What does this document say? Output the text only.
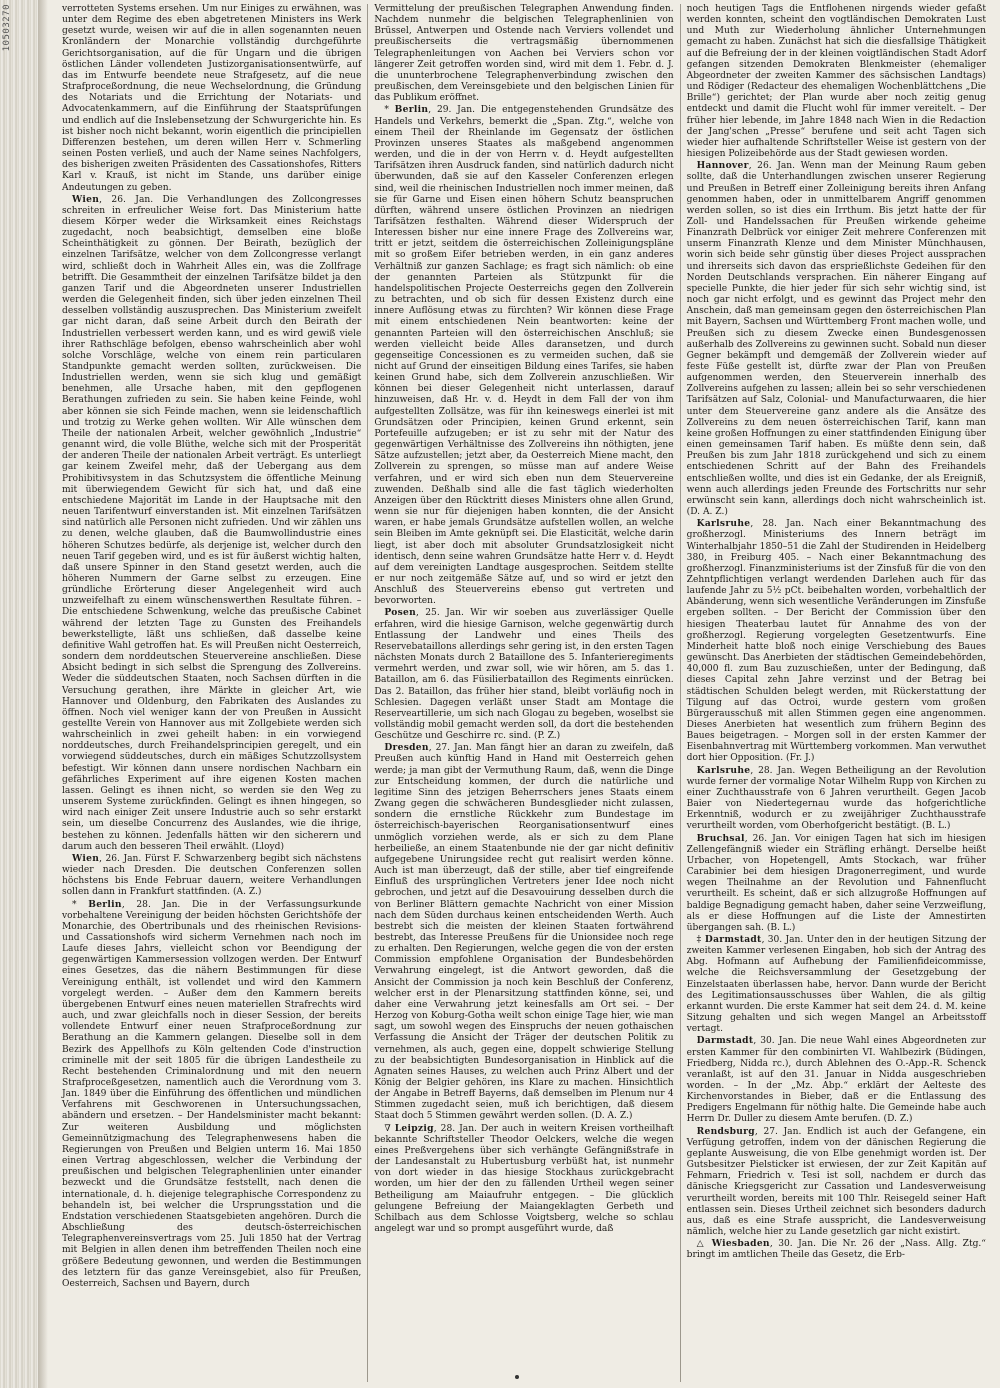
10503270	verrotteten Systems ersehen. Um nur Einiges zu erwähnen, was unter dem Regime des eben abgetretenen Ministers ins Werk gesetzt wurde, weisen wir auf die in allen sogenannten neuen Kronländern der Monarchie vollständig durchgeführte Gerichtsorganisation, auf die für Ungarn und die übrigen östlichen Länder vollendeten Justizorganisationsentwürfe, auf das im Entwurfe beendete neue Strafgesetz, auf die neue Strafproceßordnung, die neue Wechselordnung, die Gründung des Notariats und die Errichtung der Notariats- und Advocatenkammern, auf die Einführung der Staatsprüfungen und endlich auf die Inslebensetzung der Schwurgerichte hin. Es ist bisher noch nicht bekannt, worin eigentlich die principiellen Differenzen bestehen, um deren willen Herr v. Schmerling seinen Posten verließ, und auch der Name seines Nachfolgers, des bisherigen zweiten Präsidenten des Cassationshofes, Ritters Karl v. Krauß, ist nicht im Stande, uns darüber einige Andeutungen zu geben.

Wien, 26. Jan. Die Verhandlungen des Zollcongresses schreiten in erfreulicher Weise fort. Das Ministerium hatte diesem Körper weder die Wirksamkeit eines Reichstags zugedacht, noch beabsichtigt, demselben eine bloße Scheinthätigkeit zu gönnen. Der Beirath, bezüglich der einzelnen Tarifsätze, welcher von dem Zollcongresse verlangt wird, schließt doch in Wahrheit Alles ein, was die Zollfrage betrifft. Die Gesammtheit der einzelnen Tarifsätze bildet ja den ganzen Tarif und die Abgeordneten unserer Industriellen werden die Gelegenheit finden, sich über jeden einzelnen Theil desselben vollständig auszusprechen. Das Ministerium zweifelt gar nicht daran, daß seine Arbeit durch den Beirath der Industriellen verbessert werden kann, und es wird gewiß viele ihrer Rathschläge befolgen, ebenso wahrscheinlich aber wohl solche Vorschläge, welche von einem rein particularen Standpunkte gemacht werden sollten, zurückweisen. Die Industriellen werden, wenn sie sich klug und gemäßigt benehmen, alle Ursache haben, mit den gepflogenen Berathungen zufrieden zu sein. Sie haben keine Feinde, wohl aber können sie sich Feinde machen, wenn sie leidenschaftlich und trotzig zu Werke gehen wollten. Wir Alle wünschen dem Theile der nationalen Arbeit, welcher gewöhnlich „Industrie“ genannt wird, die volle Blüthe, welche sich mit der Prosperität der anderen Theile der nationalen Arbeit verträgt. Es unterliegt gar keinem Zweifel mehr, daß der Uebergang aus dem Prohibitivsystem in das Schutzsystem die öffentliche Meinung mit überwiegendem Gewicht für sich hat, und daß eine entschiedene Majorität im Lande in der Hauptsache mit den neuen Tarifentwurf einverstanden ist. Mit einzelnen Tarifsätzen sind natürlich alle Personen nicht zufrieden. Und wir zählen uns zu denen, welche glauben, daß die Baumwollindustrie eines höheren Schutzes bedürfe, als derjenige ist, welcher durch den neuen Tarif gegeben wird, und es ist für äußerst wichtig halten, daß unsere Spinner in den Stand gesetzt werden, auch die höheren Nummern der Garne selbst zu erzeugen. Eine gründliche Erörterung dieser Angelegenheit wird auch unzweifelhaft zu einem wünschenswerthen Resultate führen. – Die entschiedene Schwenkung, welche das preußische Cabinet während der letzten Tage zu Gunsten des Freihandels bewerkstelligte, läßt uns schließen, daß dasselbe keine definitive Wahl getroffen hat. Es will Preußen nicht Oesterreich, sondern dem norddeutschen Steuervereine anschließen. Diese Absicht bedingt in sich selbst die Sprengung des Zollvereins. Weder die süddeutschen Staaten, noch Sachsen dürften in die Versuchung gerathen, ihre Märkte in gleicher Art, wie Hannover und Oldenburg, den Fabrikaten des Auslandes zu öffnen. Noch viel weniger kann der von Preußen in Aussicht gestellte Verein von Hannover aus mit Zollgebiete werden sich wahrscheinlich in zwei geheilt haben: in ein vorwiegend norddeutsches, durch Freihandelsprincipien geregelt, und ein vorwiegend süddeutsches, durch ein mäßiges Schutzzollsystem befestigt. Wir können dann unsere nordischen Nachbarn ein gefährliches Experiment auf ihre eigenen Kosten machen lassen. Gelingt es ihnen nicht, so werden sie den Weg zu unserem Systeme zurückfinden. Gelingt es ihnen hingegen, so wird nach einiger Zeit unsere Industrie auch so sehr erstarkt sein, um dieselbe Concurrenz des Auslandes, wie die ihrige, bestehen zu können. Jedenfalls hätten wir den sicherern und darum auch den besseren Theil erwählt. (Lloyd)

Wien, 26. Jan. Fürst F. Schwarzenberg begibt sich nächstens wieder nach Dresden. Die deutschen Conferenzen sollen höchstens bis Ende Februar dauern, weitere Verhandlungen sollen dann in Frankfurt stattfinden. (A. Z.)

* Berlin, 28. Jan. Die in der Verfassungsurkunde vorbehaltene Vereinigung der beiden höchsten Gerichtshöfe der Monarchie, des Obertribunals und des rheinischen Revisions- und Cassationshofs wird sicherm Vernehmen nach noch im Laufe dieses Jahrs, vielleicht schon vor Beendigung der gegenwärtigen Kammersession vollzogen werden. Der Entwurf eines Gesetzes, das die nähern Bestimmungen für diese Vereinigung enthält, ist vollendet und wird den Kammern vorgelegt werden. – Außer dem den Kammern bereits übergebenen Entwurf eines neuen materiellen Strafrechts wird auch, und zwar gleichfalls noch in dieser Session, der bereits vollendete Entwurf einer neuen Strafproceßordnung zur Berathung an die Kammern gelangen. Dieselbe soll in dem Bezirk des Appellhofs zu Köln geltenden Code d'instruction criminelle mit der seit 1805 für die übrigen Landestheile zu Recht bestehenden Criminalordnung und mit den neuern Strafproceßgesetzen, namentlich auch die Verordnung vom 3. Jan. 1849 über die Einführung des öffentlichen und mündlichen Verfahrens mit Geschworenen in Untersuchungssachen, abändern und ersetzen. – Der Handelsminister macht bekannt: Zur weiteren Ausbildung und möglichsten Gemeinnützigmachung des Telegraphenwesens haben die Regierungen von Preußen und Belgien unterm 16. Mai 1850 einen Vertrag abgeschlossen, welcher die Verbindung der preußischen und belgischen Telegraphenlinien unter einander bezweckt und die Grundsätze feststellt, nach denen die internationale, d. h. diejenige telegraphische Correspondenz zu behandeln ist, bei welcher die Ursprungsstation und die Endstation verschiedenen Staatsgebieten angehören. Durch die Abschließung des deutsch-österreichischen Telegraphenvereinsvertrags vom 25. Juli 1850 hat der Vertrag mit Belgien in allen denen ihm betreffenden Theilen noch eine größere Bedeutung gewonnen, und werden die Bestimmungen des letztern für das ganze Vereinsgebiet, also für Preußen, Oesterreich, Sachsen und Bayern, durch

Vermittelung der preußischen Telegraphen Anwendung finden. Nachdem nunmehr die belgischen Telegraphenlinien von Brüssel, Antwerpen und Ostende nach Verviers vollendet und preußischerseits die vertragsmäßig übernommenen Telegraphenleitungen von Aachen bei Verviers schon vor längerer Zeit getroffen worden sind, wird mit dem 1. Febr. d. J. die ununterbrochene Telegraphenverbindung zwischen den preußischen, dem Vereinsgebiete und den belgischen Linien für das Publikum eröffnet.

* Berlin, 29. Jan. Die entgegenstehenden Grundsätze des Handels und Verkehrs, bemerkt die „Span. Ztg.“, welche von einem Theil der Rheinlande im Gegensatz der östlichen Provinzen unseres Staates als maßgebend angenommen werden, und die in der von Herrn v. d. Heydt aufgestellten Tarifsätzen ihren Ausdruck fanden, sind natürlich dadurch nicht überwunden, daß sie auf den Kasseler Conferenzen erlegen sind, weil die rheinischen Industriellen noch immer meinen, daß sie für Garne und Eisen einen höhern Schutz beanspruchen dürften, während unsere östlichen Provinzen an niedrigen Tarifsätzen festhalten. Während dieser Widerspruch der Interessen bisher nur eine innere Frage des Zollvereins war, tritt er jetzt, seitdem die österreichischen Zolleinigungspläne mit so großem Eifer betrieben werden, in ein ganz anderes Verhältniß zur ganzen Sachlage; es fragt sich nämlich: ob eine der genannten Parteien als Stützpunkt für die handelspolitischen Projecte Oesterreichs gegen den Zollverein zu betrachten, und ob sich für dessen Existenz durch eine innere Auflösung etwas zu fürchten? Wir können diese Frage mit einem entschiedenen Nein beantworten: keine der genannten Parteien will den österreichischen Anschluß; sie werden vielleicht beide Alles daransetzen, und durch gegenseitige Concessionen es zu vermeiden suchen, daß sie nicht auf Grund der einseitigen Bildung eines Tarifes, sie haben keinen Grund habe, sich dem Zollverein anzuschließen. Wir können bei dieser Gelegenheit nicht unterlassen, darauf hinzuweisen, daß Hr. v. d. Heydt in dem Fall der von ihm aufgestellten Zollsätze, was für ihn keineswegs einerlei ist mit Grundsätzen oder Principien, keinen Grund erkennt, sein Portefeuille aufzugeben; er ist zu sehr mit der Natur des gegenwärtigen Verhältnisse des Zollvereins ihn nöthigten, jene Sätze aufzustellen; jetzt aber, da Oesterreich Miene macht, den Zollverein zu sprengen, so müsse man auf andere Weise verfahren, und er wird sich eben nun dem Steuervereine zuwenden. Deßhalb sind alle die fast täglich wiederholten Anzeigen über den Rücktritt dieses Ministers ohne allen Grund, wenn sie nur für diejenigen haben konnten, die der Ansicht waren, er habe jemals Grundsätze aufstellen wollen, an welche sein Bleiben im Amte geknüpft sei. Die Elasticität, welche darin liegt, ist aber doch mit absoluter Grundsatzlosigkeit nicht identisch, denn seine wahren Grundsätze hatte Herr v. d. Heydt auf dem vereinigten Landtage ausgesprochen. Seitdem stellte er nur noch zeitgemäße Sätze auf, und so wird er jetzt den Anschluß des Steuervereins ebenso gut vertreten und bevorworten.

Posen, 25. Jan. Wir wir soeben aus zuverlässiger Quelle erfahren, wird die hiesige Garnison, welche gegenwärtig durch Entlassung der Landwehr und eines Theils des Reservebataillons allerdings sehr gering ist, in den ersten Tagen nächsten Monats durch 2 Bataillone des 5. Infanterieregiments vermehrt werden, und zwar soll, wie wir hören, am 5. das 1. Bataillon, am 6. das Füsilierbataillon des Regiments einrücken. Das 2. Bataillon, das früher hier stand, bleibt vorläufig noch in Schlesien. Dagegen verläßt unser Stadt am Montage die Reserveartillerie, um sich nach Glogau zu begeben, woselbst sie vollständig mobil gemacht werden soll, da dort die bestehenden Geschütze und Geschirre rc. sind. (P. Z.)

Dresden, 27. Jan. Man fängt hier an daran zu zweifeln, daß Preußen auch künftig Hand in Hand mit Oesterreich gehen werde; ja man gibt der Vermuthung Raum, daß, wenn die Dinge zur Entscheidung kommen, der durch die natürliche und legitime Sinn des jetzigen Beherrschers jenes Staats einem Zwang gegen die schwächeren Bundesglieder nicht zulassen, sondern die ernstliche Rückkehr zum Bundestage im österreichisch-bayerischen Reorganisationsentwurf eines unmöglich vorziehen werde, als er sich zu dem Plane herbeiließe, an einem Staatenbunde nie der gar nicht definitiv aufgegebene Unirungsidee recht gut realisirt werden könne. Auch ist man überzeugt, daß der stille, aber tief eingreifende Einfluß des ursprünglichen Vertreters jener Idee noch nicht gebrochen, und jetzt auf die Desavouirung desselben durch die von Berliner Blättern gemachte Nachricht von einer Mission nach dem Süden durchaus keinen entscheidenden Werth. Auch bestrebt sich die meisten der kleinen Staaten fortwährend bestrebt, das Interesse Preußens für die Unionsidee noch rege zu erhalten. Den Regierungen, welche gegen die von der ersten Commission empfohlene Organisation der Bundesbehörden Verwahrung eingelegt, ist die Antwort geworden, daß die Ansicht der Commission ja noch kein Beschluß der Conferenz, welcher erst in der Plenarsitzung stattfinden könne, sei, und daher eine Verwahrung jetzt keinesfalls am Ort sei. – Der Herzog von Koburg-Gotha weilt schon einige Tage hier, wie man sagt, um sowohl wegen des Einspruchs der neuen gothaischen Verfassung die Ansicht der Träger der deutschen Politik zu vernehmen, als auch, gegen eine, doppelt schwierige Stellung zu der beabsichtigten Bundesorganisation in Hinblick auf die Agnaten seines Hauses, zu welchen auch Prinz Albert und der König der Belgier gehören, ins Klare zu machen. Hinsichtlich der Angabe in Betreff Bayerns, daß demselben im Plenum nur 4 Stimmen zugedacht seien, muß ich berichtigen, daß diesem Staat doch 5 Stimmen gewährt werden sollen. (D. A. Z.)

∇ Leipzig, 28. Jan. Der auch in weitern Kreisen vortheilhaft bekannte Schriftsteller Theodor Oelckers, welche die wegen eines Preßvergehens über sich verhängte Gefängnißstrafe in der Landesanstalt zu Hubertusburg verbüßt hat, ist nunmehr von dort wieder in das hiesige Stockhaus zurückgebracht worden, um hier der den zu fällenden Urtheil wegen seiner Betheiligung am Maiaufruhr entgegen. – Die glücklich gelungene Befreiung der Maiangeklagten Gerbeth und Schilbach aus dem Schlosse Voigtsberg, welche so schlau angelegt war und so prompt ausgeführt wurde, daß

noch heutigen Tags die Entflohenen nirgends wieder gefaßt werden konnten, scheint den vogtländischen Demokraten Lust und Muth zur Wiederholung ähnlicher Unternehmungen gemacht zu haben. Zunächst hat sich die diesfallsige Thätigkeit auf die Befreiung der in der kleinen voigtländischen Stadt Adorf gefangen sitzenden Demokraten Blenkmeister (ehemaliger Abgeordneter der zweiten Kammer des sächsischen Landtags) und Rödiger (Redacteur des ehemaligen Wochenblättchens „Die Brille“) gerichtet; der Plan wurde aber noch zeitig genug entdeckt und damit die Flucht wohl für immer vereitelt. – Der früher hier lebende, im Jahre 1848 nach Wien in die Redaction der Jang'schen „Presse“ berufene und seit acht Tagen sich wieder hier aufhaltende Schriftsteller Weise ist gestern von der hiesigen Polizeibehörde aus der Stadt gewiesen worden.

Hannover, 26. Jan. Wenn man der Meinung Raum geben sollte, daß die Unterhandlungen zwischen unserer Regierung und Preußen in Betreff einer Zolleinigung bereits ihren Anfang genommen haben, oder in unmittelbarem Angriff genommen werden sollen, so ist dies ein Irrthum. Bis jetzt hatte der für Zoll- und Handelssachen für Preußen wirkende geheime Finanzrath Delbrück vor einiger Zeit mehrere Conferenzen mit unserm Finanzrath Klenze und dem Minister Münchhausen, worin sich beide sehr günstig über dieses Project aussprachen und ihrerseits sich davon das ersprießlichste Gedeihen für den Norden Deutschlands versprachen. Ein näherer Eingang auf specielle Punkte, die hier jeder für sich sehr wichtig sind, ist noch gar nicht erfolgt, und es gewinnt das Project mehr den Anschein, daß man gemeinsam gegen den österreichischen Plan mit Bayern, Sachsen und Württemberg Front machen wolle, und Preußen sich zu diesem Zwecke einen Bundesgenossen außerhalb des Zollvereins zu gewinnen sucht. Sobald nun dieser Gegner bekämpft und demgemäß der Zollverein wieder auf feste Füße gestellt ist, dürfte zwar der Plan von Preußen aufgenommen werden, den Steuerverein innerhalb des Zollvereins aufgehen zu lassen; allein bei so sehr verschiedenen Tarifsätzen auf Salz, Colonial- und Manufacturwaaren, die hier unter dem Steuervereine ganz andere als die Ansätze des Zollvereins zu dem neuen österreichischen Tarif, kann man keine großen Hoffnungen zu einer stattfindenden Einigung über einen gemeinsamen Tarif haben. Es müßte denn sein, daß Preußen bis zum Jahr 1818 zurückgehend und sich zu einem entschiedenen Schritt auf der Bahn des Freihandels entschließen wollte, und dies ist ein Gedanke, der als Ereigniß, wenn auch allerdings jeden Freunde des Fortschritts nur sehr erwünscht sein kann, allerdings doch nicht wahrscheinlich ist. (D. A. Z.)

Karlsruhe, 28. Jan. Nach einer Bekanntmachung des großherzogl. Ministeriums des Innern beträgt im Winterhalbjahr 1850–51 die Zahl der Studirenden in Heidelberg 380, in Freiburg 405. – Nach einer Bekanntmachung des großherzogl. Finanzministeriums ist der Zinsfuß für die von den Zehntpflichtigen verlangt werdenden Darlehen auch für das laufende Jahr zu 5½ pCt. beibehalten worden, vorbehaltlich der Abänderung, wenn sich wesentliche Veränderungen im Zinsfuße ergeben sollten. – Der Bericht der Commission über den hiesigen Theaterbau lautet für Annahme des von der großherzogl. Regierung vorgelegten Gesetzentwurfs. Eine Minderheit hatte bloß noch einige Verschiebung des Baues gewünscht. Das Anerbieten der städtischen Gemeindebehörden, 40,000 fl. zum Bau zuzuschießen, unter der Bedingung, daß dieses Capital zehn Jahre verzinst und der Betrag bei städtischen Schulden belegt werden, mit Rückerstattung der Tilgung auf das Octroi, wurde gestern vom großen Bürgerausschuß mit allen Stimmen gegen eine angenommen. Dieses Anerbieten hat wesentlich zum frühern Beginn des Baues beigetragen. – Morgen soll in der ersten Kammer der Eisenbahnvertrag mit Württemberg vorkommen. Man verwuthet dort hier Opposition. (Fr. J.)

Karlsruhe, 28. Jan. Wegen Betheiligung an der Revolution wurde ferner der vormalige Notar Wilhelm Rupp von Kirchen zu einer Zuchthausstrafe von 6 Jahren verurtheilt. Gegen Jacob Baier von Niedertegernau wurde das hofgerichtliche Erkenntniß, wodurch er zu zweijähriger Zuchthausstrafe verurtheilt worden, vom Oberhofgericht bestätigt. (B. L.)

Bruchsal, 26. Jan. Vor einigen Tagen hat sich im hiesigen Zellengefängniß wieder ein Sträfling erhängt. Derselbe heißt Urbacher, von Hopetengell, Amts Stockach, war früher Carabinier bei dem hiesigen Dragonerregiment, und wurde wegen Theilnahme an der Revolution und Fahnenflucht verurtheilt. Es scheint, daß er sich allzugroße Hoffnungen auf baldige Begnadigung gemacht haben, daher seine Verzweiflung, als er diese Hoffnungen auf die Liste der Amnestirten übergangen sah. (B. L.)

‡ Darmstadt, 30. Jan. Unter den in der heutigen Sitzung der zweiten Kammer verlesenen Eingaben, hob sich der Antrag des Abg. Hofmann auf Aufhebung der Familienfideicommisse, welche die Reichsversammlung der Gesetzgebung der Einzelstaaten überlassen habe, hervor. Dann wurde der Bericht des Legitimationsausschusses über Wahlen, die als giltig erkannt wurden. Die erste Kammer hat seit dem 24. d. M. keine Sitzung gehalten und sich wegen Mangel an Arbeitsstoff vertagt.

Darmstadt, 30. Jan. Die neue Wahl eines Abgeordneten zur ersten Kammer für den combinirten VI. Wahlbezirk (Büdingen, Friedberg, Nidda rc.), durch Ablehnen des O.-App.-R. Schenck veranlaßt, ist auf den 31. Januar in Nidda ausgeschrieben worden. – In der „Mz. Abp.“ erklärt der Aelteste des Kirchenvorstandes in Bieber, daß er die Entlassung des Predigers Engelmann für nöthig halte. Die Gemeinde habe auch Herrn Dr. Duller zu diesem Amte berufen. (D. Z.)

Rendsburg, 27. Jan. Endlich ist auch der Gefangene, ein Verfügung getroffen, indem von der dänischen Regierung die geplante Ausweisung, die von Elbe genehmigt worden ist. Der Gutsbesitzer Pielsticker ist erwiesen, der zur Zeit Kapitän auf Fehmarn, Friedrich v. Tesi ist soll, nachdem er durch das dänische Kriegsgericht zur Cassation und Landesverweisung verurtheilt worden, bereits mit 100 Thlr. Reisegeld seiner Haft entlassen sein. Dieses Urtheil zeichnet sich besonders dadurch aus, daß es eine Strafe ausspricht, die Landesverweisung nämlich, welche hier zu Lande gesetzlich gar nicht existirt.

△ Wiesbaden, 30. Jan. Die Nr. 26 der „Nass. Allg. Ztg.“ bringt im amtlichen Theile das Gesetz, die Erb-
